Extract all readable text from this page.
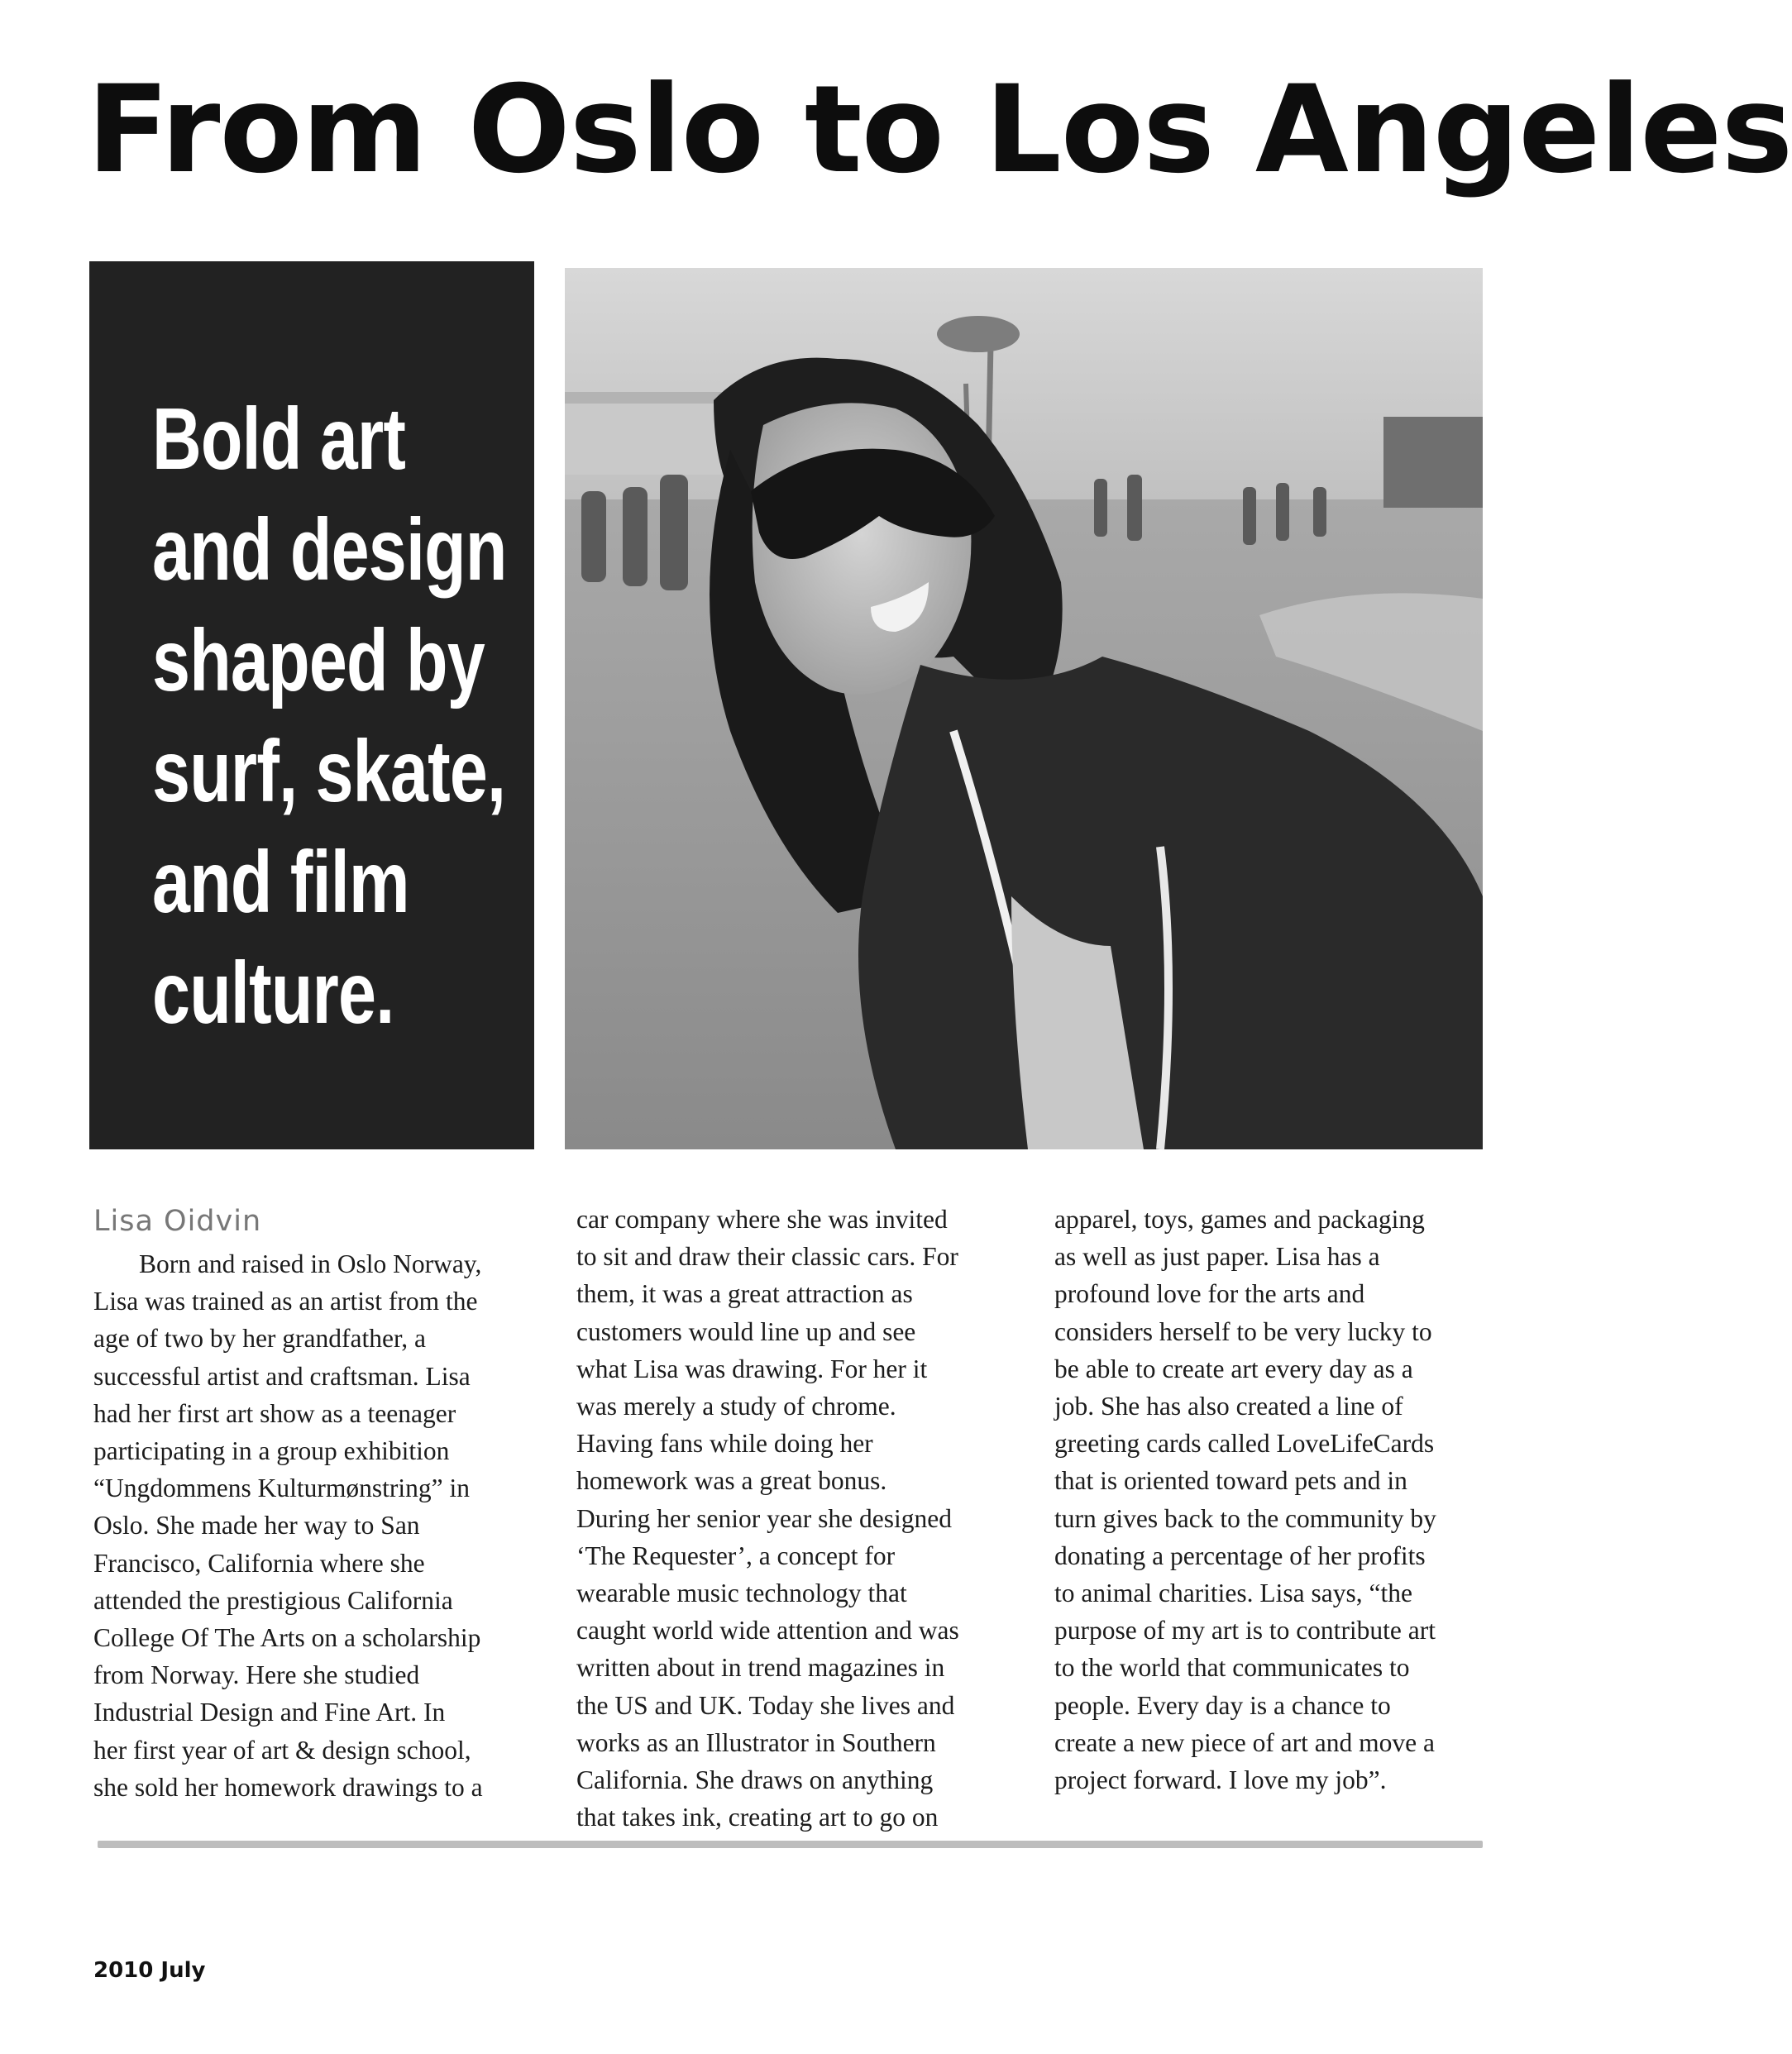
From Oslo to Los Angeles
Bold art
and design
shaped by
surf, skate,
and film
culture.
Lisa Oidvin
Born and raised in Oslo Norway,
Lisa was trained as an artist from the
age of two by her grandfather, a
successful artist and craftsman. Lisa
had her first art show as a teenager
participating in a group exhibition
“Ungdommens Kulturmønstring” in
Oslo. She made her way to San
Francisco, California where she
attended the prestigious California
College Of The Arts on a scholarship
from Norway. Here she studied
Industrial Design and Fine Art. In
her first year of art & design school,
she sold her homework drawings to a
car company where she was invited
to sit and draw their classic cars. For
them, it was a great attraction as
customers would line up and see
what Lisa was drawing. For her it
was merely a study of chrome.
Having fans while doing her
homework was a great bonus.
During her senior year she designed
‘The Requester’, a concept for
wearable music technology that
caught world wide attention and was
written about in trend magazines in
the US and UK. Today she lives and
works as an Illustrator in Southern
California. She draws on anything
that takes ink, creating art to go on
apparel, toys, games and packaging
as well as just paper. Lisa has a
profound love for the arts and
considers herself to be very lucky to
be able to create art every day as a
job. She has also created a line of
greeting cards called LoveLifeCards
that is oriented toward pets and in
turn gives back to the community by
donating a percentage of her profits
to animal charities. Lisa says, “the
purpose of my art is to contribute art
to the world that communicates to
people. Every day is a chance to
create a new piece of art and move a
project forward. I love my job”.
2010 July
